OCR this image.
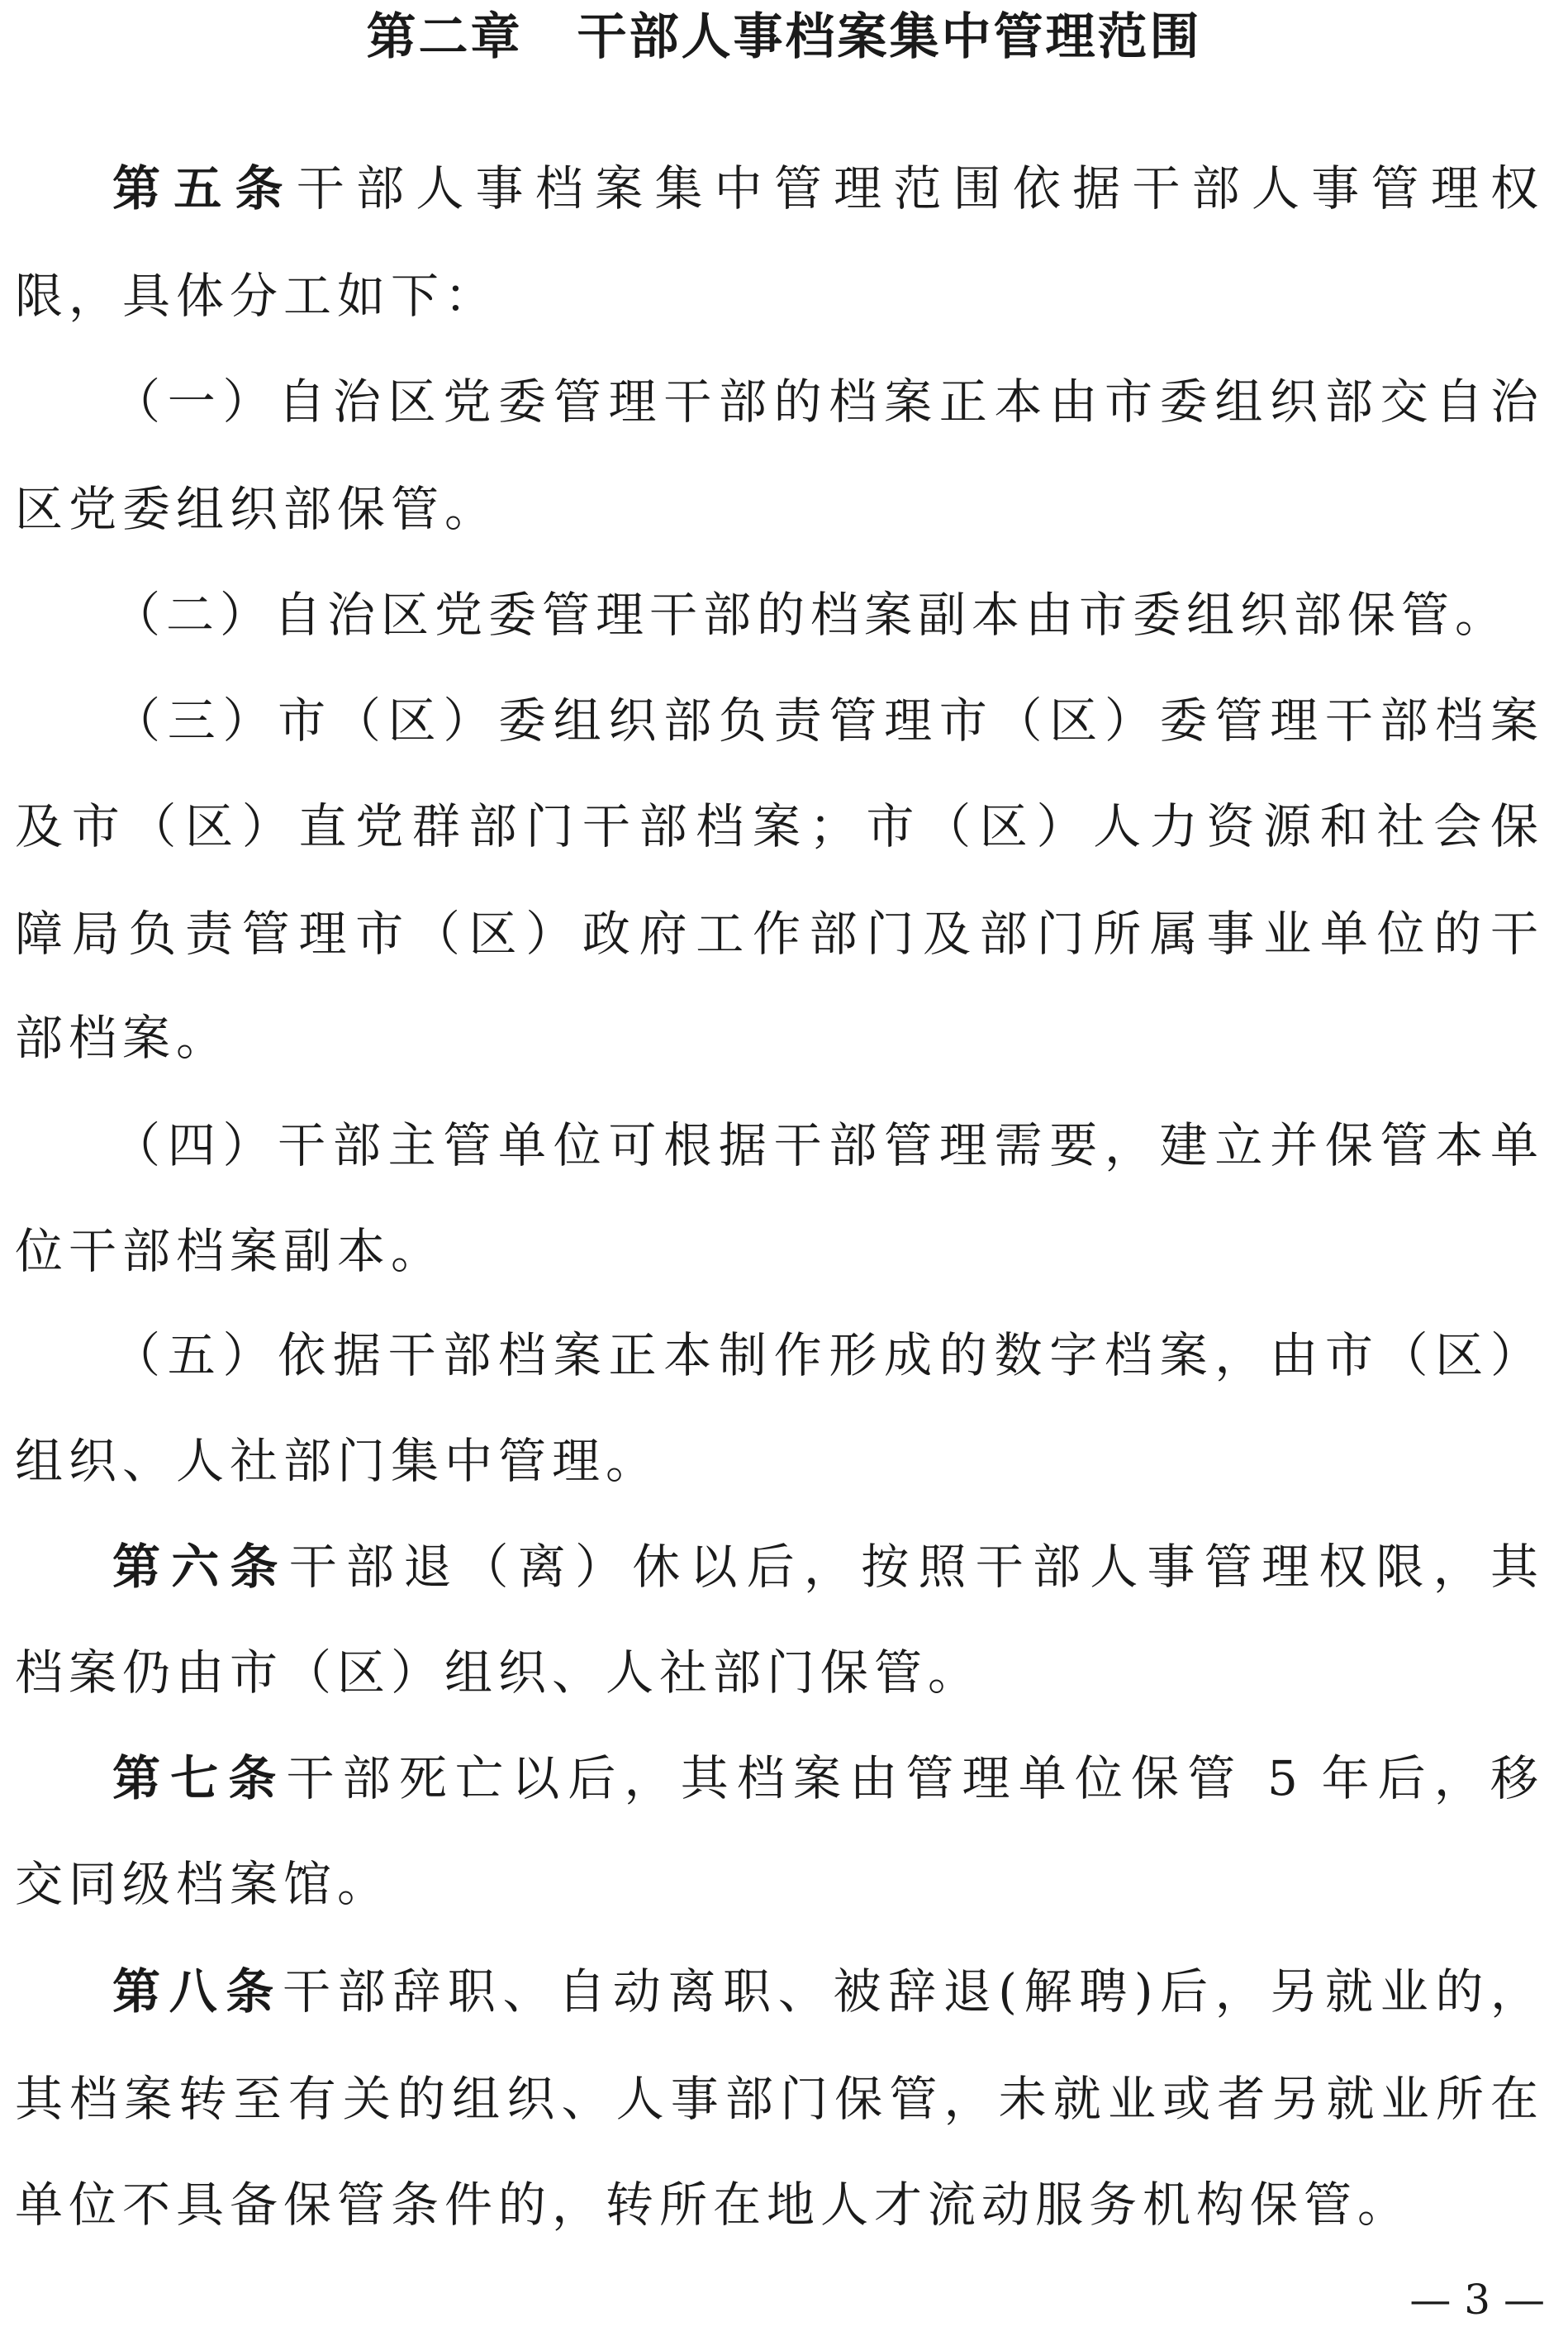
第二章 干部人事档案集中管理范围
第五条干部人事档案集中管理范围依据干部人事管理权
限，具体分工如下：
（一）自治区党委管理干部的档案正本由市委组织部交自治
区党委组织部保管。
（二）自治区党委管理干部的档案副本由市委组织部保管。
（三）市（区）委组织部负责管理市（区）委管理干部档案
及市（区）直党群部门干部档案；市（区）人力资源和社会保
障局负责管理市（区）政府工作部门及部门所属事业单位的干
部档案。
（四）干部主管单位可根据干部管理需要，建立并保管本单
位干部档案副本。
（五）依据干部档案正本制作形成的数字档案，由市（区）
组织、人社部门集中管理。
第六条干部退（离）休以后，按照干部人事管理权限，其
档案仍由市（区）组织、人社部门保管。
第七条干部死亡以后，其档案由管理单位保管 5 年后，移
交同级档案馆。
第八条干部辞职、自动离职、被辞退(解聘)后，另就业的，
其档案转至有关的组织、人事部门保管，未就业或者另就业所在
单位不具备保管条件的，转所在地人才流动服务机构保管。
— 3 —
